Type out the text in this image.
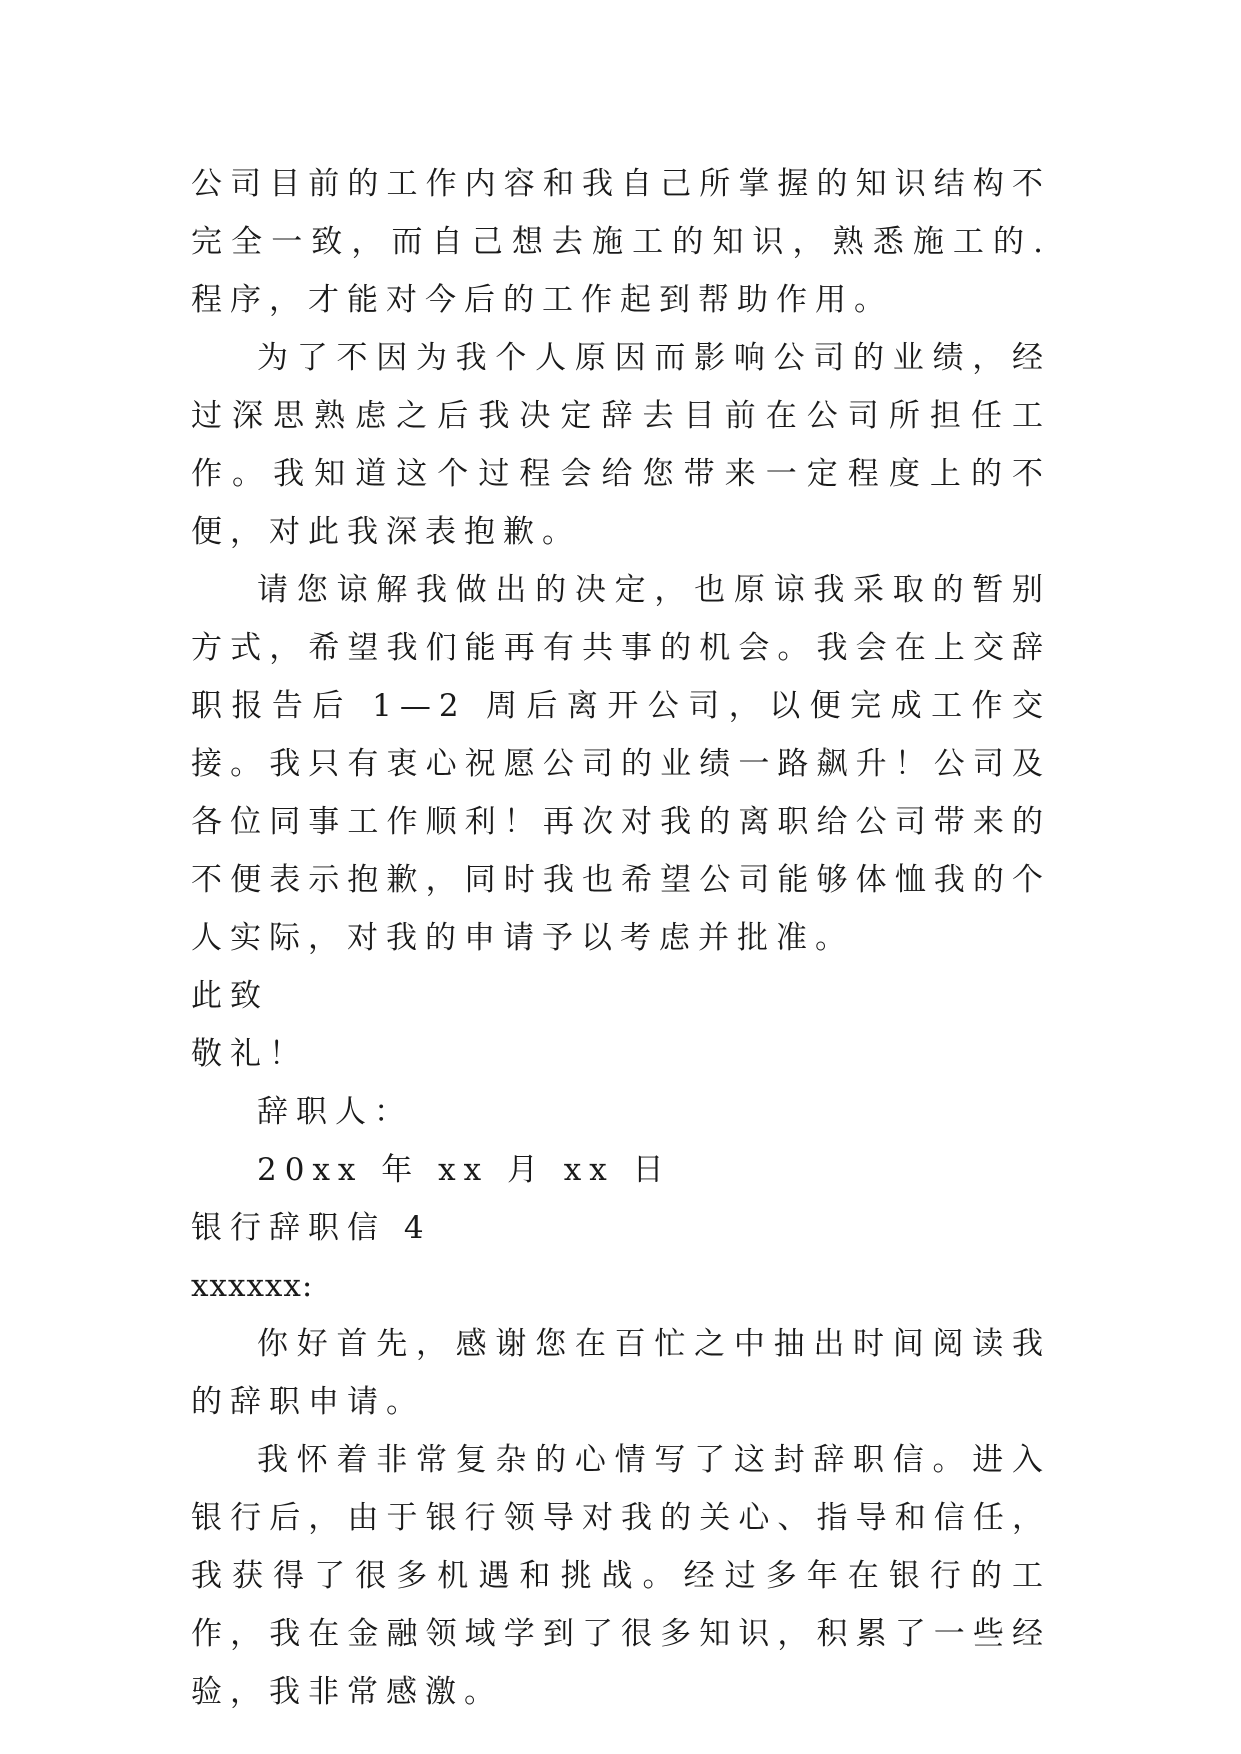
公司目前的工作内容和我自己所掌握的知识结构不完全一致，而自己想去施工的知识，熟悉施工的.程序，才能对今后的工作起到帮助作用。

为了不因为我个人原因而影响公司的业绩，经过深思熟虑之后我决定辞去目前在公司所担任工作。我知道这个过程会给您带来一定程度上的不便，对此我深表抱歉。

请您谅解我做出的决定，也原谅我采取的暂别方式，希望我们能再有共事的机会。我会在上交辞职报告后 1—2 周后离开公司，以便完成工作交接。我只有衷心祝愿公司的业绩一路飙升！公司及各位同事工作顺利！再次对我的离职给公司带来的不便表示抱歉，同时我也希望公司能够体恤我的个人实际，对我的申请予以考虑并批准。

此致

敬礼！

辞职人：

20xx 年 xx 月 xx 日

银行辞职信 4

xxxxxx:

你好首先，感谢您在百忙之中抽出时间阅读我的辞职申请。

我怀着非常复杂的心情写了这封辞职信。进入银行后，由于银行领导对我的关心、指导和信任，我获得了很多机遇和挑战。经过多年在银行的工作，我在金融领域学到了很多知识，积累了一些经验，我非常感激。
